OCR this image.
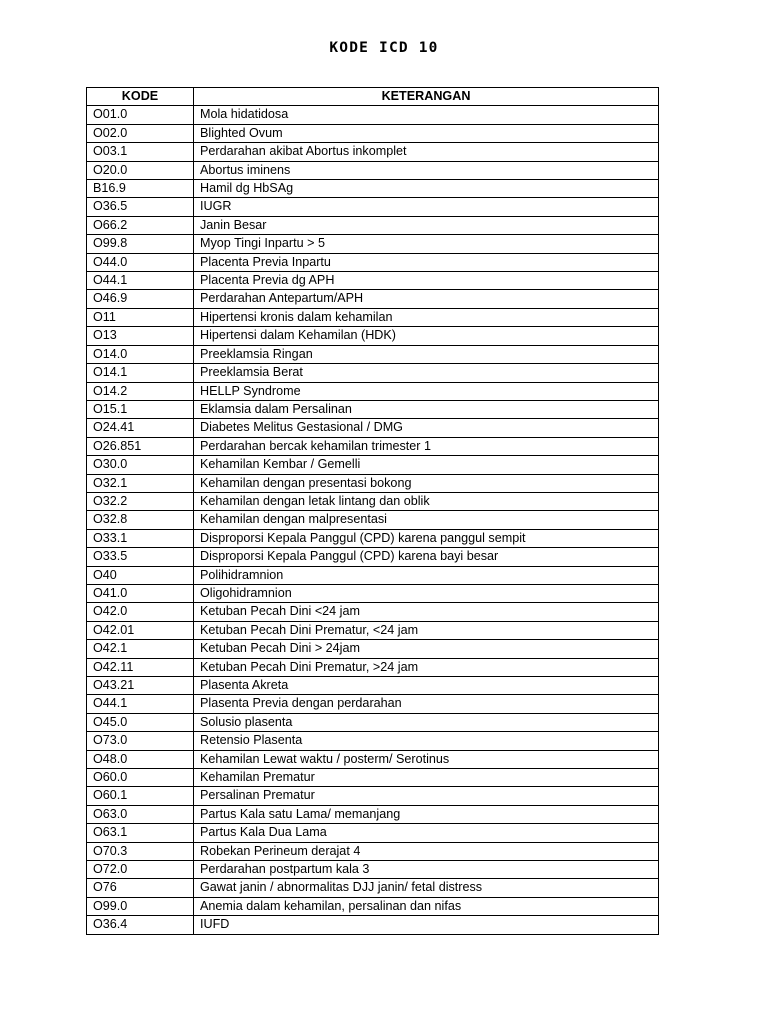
KODE ICD 10
KODE	KETERANGAN
O01.0	Mola hidatidosa
O02.0	Blighted Ovum
O03.1	Perdarahan akibat Abortus inkomplet
O20.0	Abortus iminens
B16.9	Hamil dg HbSAg
O36.5	IUGR
O66.2	Janin Besar
O99.8	Myop Tingi Inpartu > 5
O44.0	Placenta Previa Inpartu
O44.1	Placenta Previa dg APH
O46.9	Perdarahan Antepartum/APH
O11	Hipertensi kronis dalam kehamilan
O13	Hipertensi dalam Kehamilan (HDK)
O14.0	Preeklamsia Ringan
O14.1	Preeklamsia Berat
O14.2	HELLP Syndrome
O15.1	Eklamsia dalam Persalinan
O24.41	Diabetes Melitus Gestasional / DMG
O26.851	Perdarahan bercak kehamilan trimester 1
O30.0	Kehamilan Kembar / Gemelli
O32.1	Kehamilan dengan presentasi bokong
O32.2	Kehamilan dengan letak lintang dan oblik
O32.8	Kehamilan dengan malpresentasi
O33.1	Disproporsi Kepala Panggul (CPD) karena panggul sempit
O33.5	Disproporsi Kepala Panggul (CPD) karena bayi besar
O40	Polihidramnion
O41.0	Oligohidramnion
O42.0	Ketuban Pecah Dini <24 jam
O42.01	Ketuban Pecah Dini Prematur, <24 jam
O42.1	Ketuban Pecah Dini > 24jam
O42.11	Ketuban Pecah Dini Prematur, >24 jam
O43.21	Plasenta Akreta
O44.1	Plasenta Previa dengan perdarahan
O45.0	Solusio plasenta
O73.0	Retensio Plasenta
O48.0	Kehamilan Lewat waktu / posterm/ Serotinus
O60.0	Kehamilan Prematur
O60.1	Persalinan Prematur
O63.0	Partus Kala satu Lama/ memanjang
O63.1	Partus Kala Dua Lama
O70.3	Robekan Perineum derajat 4
O72.0	Perdarahan postpartum kala 3
O76	Gawat janin / abnormalitas DJJ janin/ fetal distress
O99.0	Anemia dalam kehamilan, persalinan dan nifas
O36.4	IUFD
